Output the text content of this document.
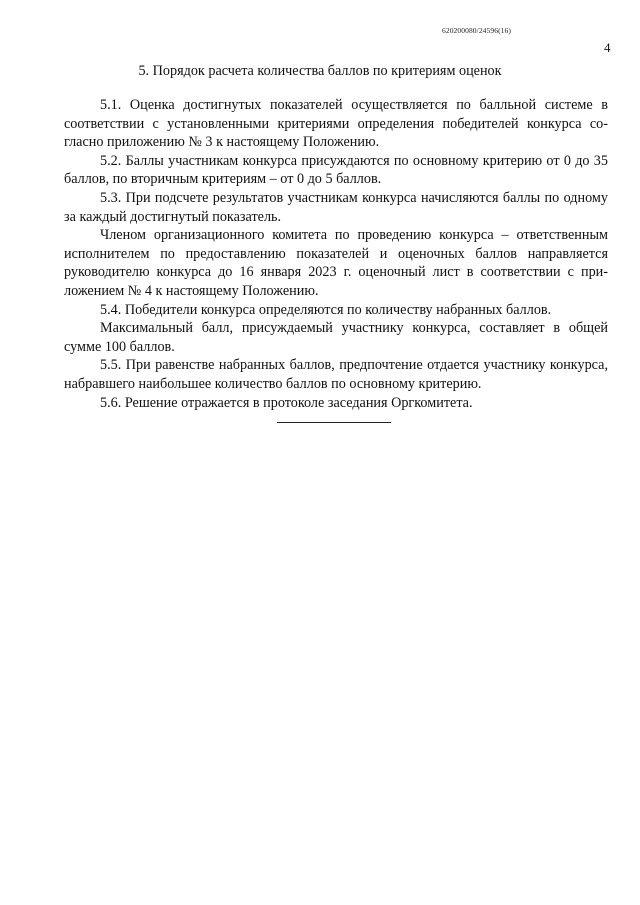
620200080/24596(16)
4
5. Порядок расчета количества баллов по критериям оценок

5.1. Оценка достигнутых показателей осуществляется по балльной системе в соответствии с установленными критериями определения победителей конкурса согласно приложению № 3 к настоящему Положению.

5.2. Баллы участникам конкурса присуждаются по основному критерию от 0 до 35 баллов, по вторичным критериям – от 0 до 5 баллов.

5.3. При подсчете результатов участникам конкурса начисляются баллы по одному за каждый достигнутый показатель.

Членом организационного комитета по проведению конкурса – ответственным исполнителем по предоставлению показателей и оценочных баллов направляется руководителю конкурса до 16 января 2023 г. оценочный лист в соответствии с приложением № 4 к настоящему Положению.

5.4. Победители конкурса определяются по количеству набранных баллов.

Максимальный балл, присуждаемый участнику конкурса, составляет в общей сумме 100 баллов.

5.5. При равенстве набранных баллов, предпочтение отдается участнику конкурса, набравшего наибольшее количество баллов по основному критерию.

5.6. Решение отражается в протоколе заседания Оргкомитета.
